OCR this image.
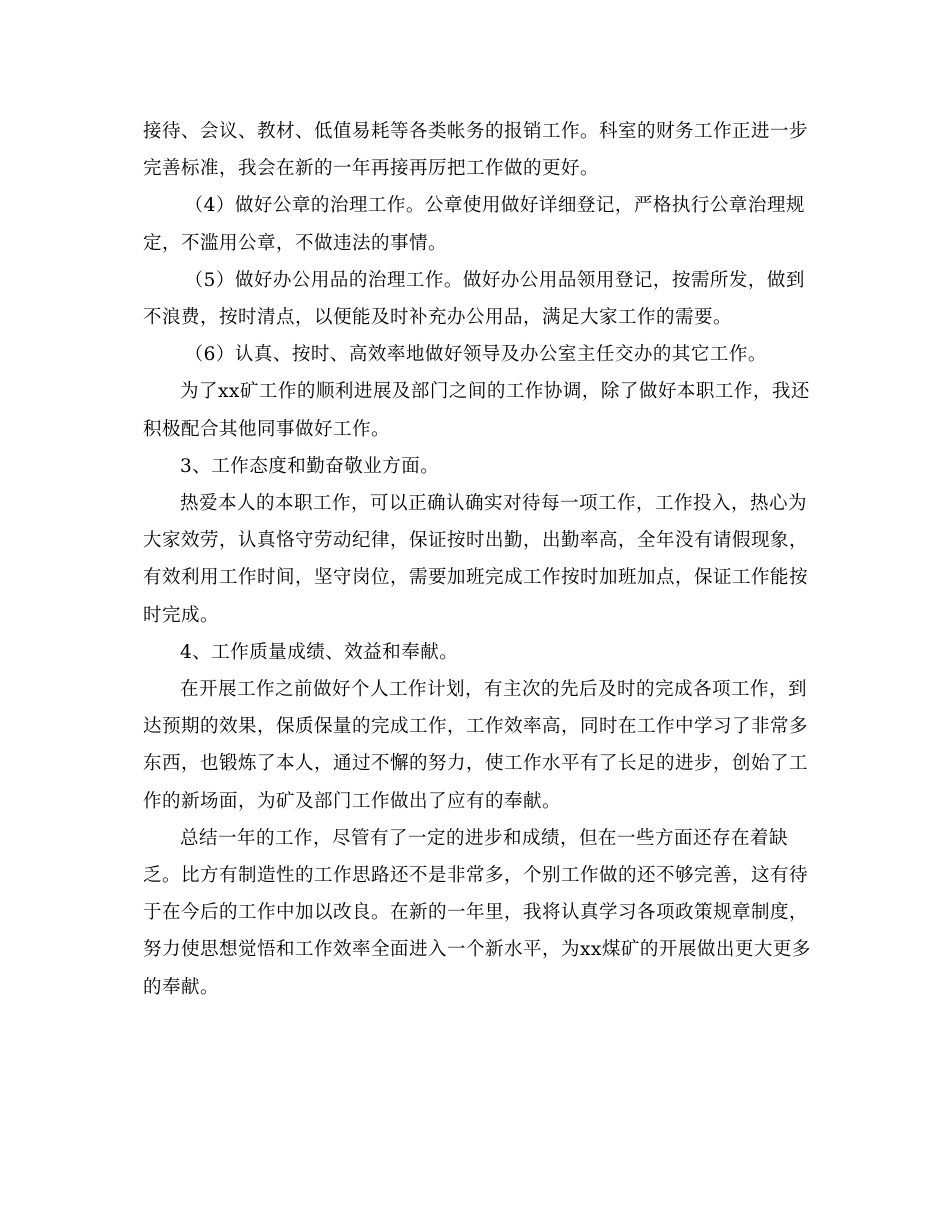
接待、会议、教材、低值易耗等各类帐务的报销工作。科室的财务工作正进一步完善标准，我会在新的一年再接再厉把工作做的更好。

（4）做好公章的治理工作。公章使用做好详细登记，严格执行公章治理规定，不滥用公章，不做违法的事情。

（5）做好办公用品的治理工作。做好办公用品领用登记，按需所发，做到不浪费，按时清点，以便能及时补充办公用品，满足大家工作的需要。

（6）认真、按时、高效率地做好领导及办公室主任交办的其它工作。

为了xx矿工作的顺利进展及部门之间的工作协调，除了做好本职工作，我还积极配合其他同事做好工作。

3、工作态度和勤奋敬业方面。

热爱本人的本职工作，可以正确认确实对待每一项工作，工作投入，热心为大家效劳，认真恪守劳动纪律，保证按时出勤，出勤率高，全年没有请假现象，有效利用工作时间，坚守岗位，需要加班完成工作按时加班加点，保证工作能按时完成。

4、工作质量成绩、效益和奉献。

在开展工作之前做好个人工作计划，有主次的先后及时的完成各项工作，到达预期的效果，保质保量的完成工作，工作效率高，同时在工作中学习了非常多东西，也锻炼了本人，通过不懈的努力，使工作水平有了长足的进步，创始了工作的新场面，为矿及部门工作做出了应有的奉献。

总结一年的工作，尽管有了一定的进步和成绩，但在一些方面还存在着缺乏。比方有制造性的工作思路还不是非常多，个别工作做的还不够完善，这有待于在今后的工作中加以改良。在新的一年里，我将认真学习各项政策规章制度，努力使思想觉悟和工作效率全面进入一个新水平，为xx煤矿的开展做出更大更多的奉献。
